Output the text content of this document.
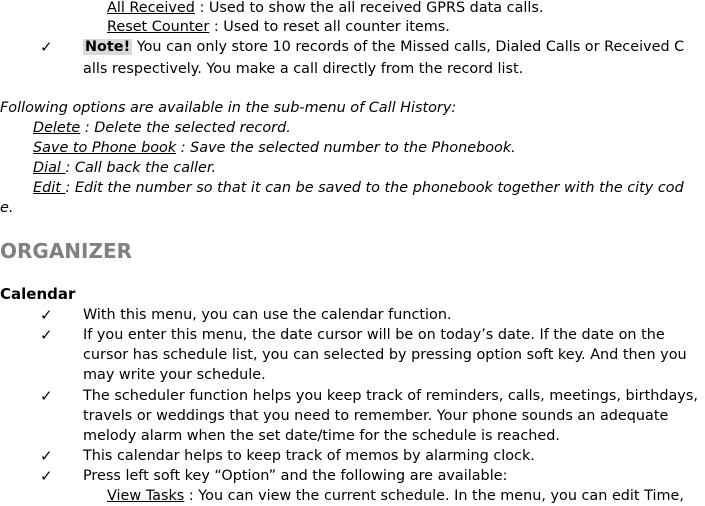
All Received : Used to show the all received GPRS data calls.
Reset Counter : Used to reset all counter items.
✓ Note! You can only store 10 records of the Missed calls, Dialed Calls or Received C
alls respectively. You make a call directly from the record list.
Following options are available in the sub-menu of Call History:
Delete : Delete the selected record.
Save to Phone book : Save the selected number to the Phonebook.
Dial : Call back the caller.
Edit : Edit the number so that it can be saved to the phonebook together with the city cod
e.
ORGANIZER
Calendar
✓ With this menu, you can use the calendar function.
✓ If you enter this menu, the date cursor will be on today’s date. If the date on the
cursor has schedule list, you can selected by pressing option soft key. And then you
may write your schedule.
✓ The scheduler function helps you keep track of reminders, calls, meetings, birthdays,
travels or weddings that you need to remember. Your phone sounds an adequate
melody alarm when the set date/time for the schedule is reached.
✓ This calendar helps to keep track of memos by alarming clock.
✓ Press left soft key “Option” and the following are available:
View Tasks : You can view the current schedule. In the menu, you can edit Time,
